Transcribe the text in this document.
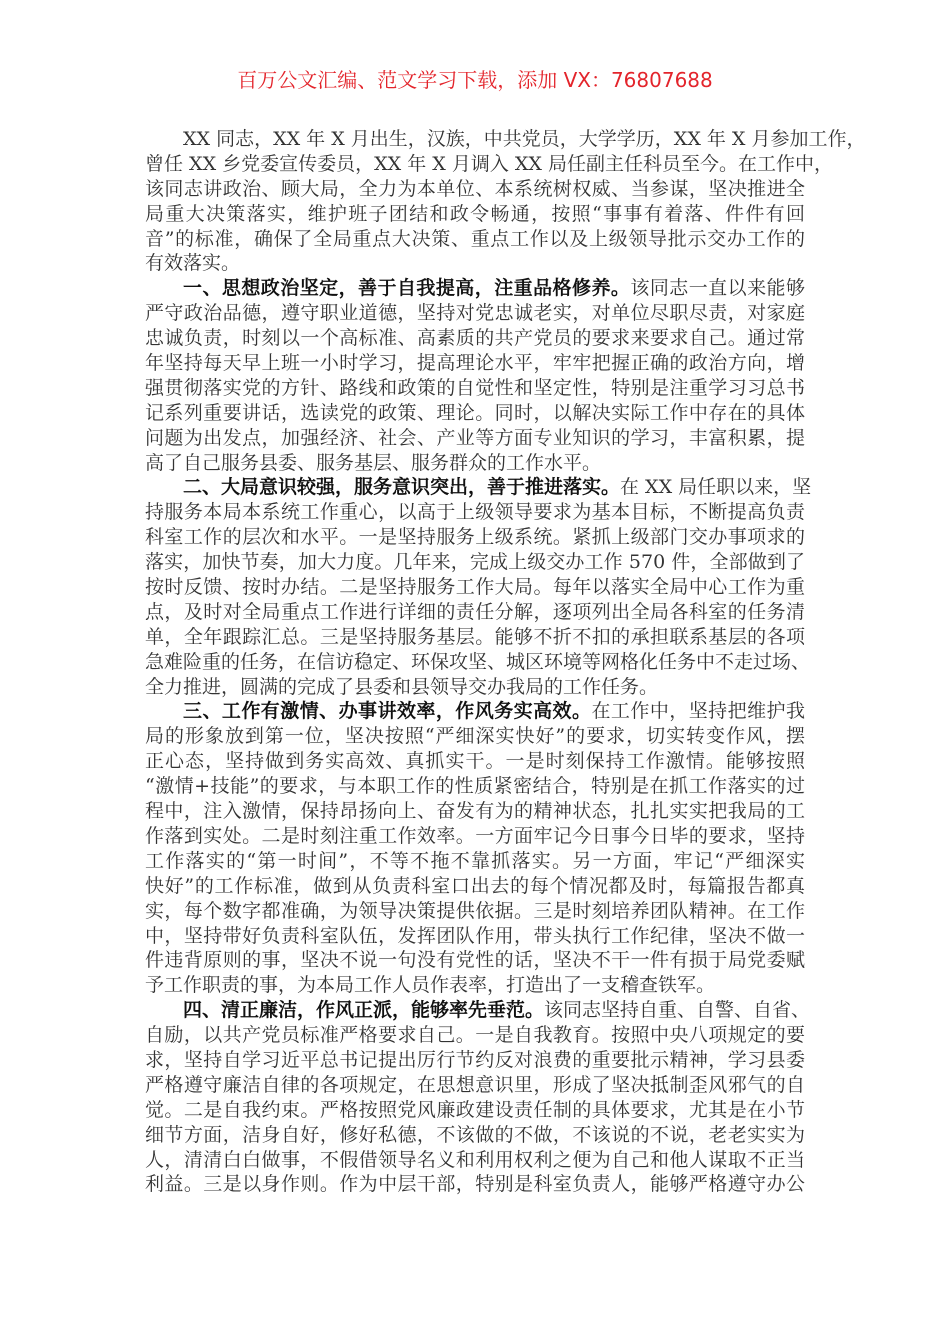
百万公文汇编、范文学习下载，添加 VX：76807688
XX 同志，XX 年 X 月出生，汉族，中共党员，大学学历，XX 年 X 月参加工作，
曾任 XX 乡党委宣传委员，XX 年 X 月调入 XX 局任副主任科员至今。在工作中，
该同志讲政治、顾大局，全力为本单位、本系统树权威、当参谋，坚决推进全
局重大决策落实，维护班子团结和政令畅通，按照“事事有着落、件件有回
音”的标准，确保了全局重点大决策、重点工作以及上级领导批示交办工作的
有效落实。
一、思想政治坚定，善于自我提高，注重品格修养。该同志一直以来能够
严守政治品德，遵守职业道德，坚持对党忠诚老实，对单位尽职尽责，对家庭
忠诚负责，时刻以一个高标准、高素质的共产党员的要求来要求自己。通过常
年坚持每天早上班一小时学习，提高理论水平，牢牢把握正确的政治方向，增
强贯彻落实党的方针、路线和政策的自觉性和坚定性，特别是注重学习习总书
记系列重要讲话，选读党的政策、理论。同时，以解决实际工作中存在的具体
问题为出发点，加强经济、社会、产业等方面专业知识的学习，丰富积累，提
高了自己服务县委、服务基层、服务群众的工作水平。
二、大局意识较强，服务意识突出，善于推进落实。在 XX 局任职以来，坚
持服务本局本系统工作重心，以高于上级领导要求为基本目标，不断提高负责
科室工作的层次和水平。一是坚持服务上级系统。紧抓上级部门交办事项求的
落实，加快节奏，加大力度。几年来，完成上级交办工作 570 件，全部做到了
按时反馈、按时办结。二是坚持服务工作大局。每年以落实全局中心工作为重
点，及时对全局重点工作进行详细的责任分解，逐项列出全局各科室的任务清
单，全年跟踪汇总。三是坚持服务基层。能够不折不扣的承担联系基层的各项
急难险重的任务，在信访稳定、环保攻坚、城区环境等网格化任务中不走过场、
全力推进，圆满的完成了县委和县领导交办我局的工作任务。
三、工作有激情、办事讲效率，作风务实高效。在工作中，坚持把维护我
局的形象放到第一位，坚决按照“严细深实快好”的要求，切实转变作风，摆
正心态，坚持做到务实高效、真抓实干。一是时刻保持工作激情。能够按照
“激情+技能”的要求，与本职工作的性质紧密结合，特别是在抓工作落实的过
程中，注入激情，保持昂扬向上、奋发有为的精神状态，扎扎实实把我局的工
作落到实处。二是时刻注重工作效率。一方面牢记今日事今日毕的要求，坚持
工作落实的“第一时间”，不等不拖不靠抓落实。另一方面，牢记“严细深实
快好”的工作标准，做到从负责科室口出去的每个情况都及时，每篇报告都真
实，每个数字都准确，为领导决策提供依据。三是时刻培养团队精神。在工作
中，坚持带好负责科室队伍，发挥团队作用，带头执行工作纪律，坚决不做一
件违背原则的事，坚决不说一句没有党性的话，坚决不干一件有损于局党委赋
予工作职责的事，为本局工作人员作表率，打造出了一支稽查铁军。
四、清正廉洁，作风正派，能够率先垂范。该同志坚持自重、自警、自省、
自励，以共产党员标准严格要求自己。一是自我教育。按照中央八项规定的要
求，坚持自学习近平总书记提出厉行节约反对浪费的重要批示精神，学习县委
严格遵守廉洁自律的各项规定，在思想意识里，形成了坚决抵制歪风邪气的自
觉。二是自我约束。严格按照党风廉政建设责任制的具体要求，尤其是在小节
细节方面，洁身自好，修好私德，不该做的不做，不该说的不说，老老实实为
人，清清白白做事，不假借领导名义和利用权利之便为自己和他人谋取不正当
利益。三是以身作则。作为中层干部，特别是科室负责人，能够严格遵守办公
